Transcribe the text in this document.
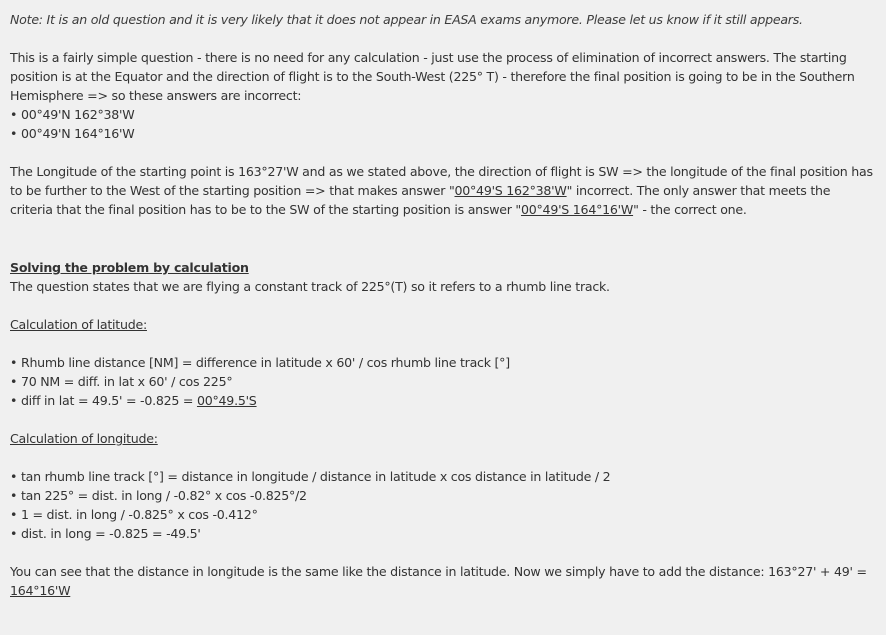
Note: It is an old question and it is very likely that it does not appear in EASA exams anymore. Please let us know if it still appears.

This is a fairly simple question - there is no need for any calculation - just use the process of elimination of incorrect answers. The starting position is at the Equator and the direction of flight is to the South-West (225° T) - therefore the final position is going to be in the Southern Hemisphere => so these answers are incorrect:

• 00°49'N 162°38'W

• 00°49'N 164°16'W

The Longitude of the starting point is 163°27'W and as we stated above, the direction of flight is SW => the longitude of the final position has to be further to the West of the starting position => that makes answer "00°49'S 162°38'W" incorrect. The only answer that meets the criteria that the final position has to be to the SW of the starting position is answer "00°49'S 164°16'W" - the correct one.

Solving the problem by calculation

The question states that we are flying a constant track of 225°(T) so it refers to a rhumb line track.

Calculation of latitude:

• Rhumb line distance [NM] = difference in latitude x 60' / cos rhumb line track [°]

• 70 NM = diff. in lat x 60' / cos 225°

• diff in lat = 49.5' = -0.825 = 00°49.5'S

Calculation of longitude:

• tan rhumb line track [°] = distance in longitude / distance in latitude x cos distance in latitude / 2

• tan 225° = dist. in long / -0.82° x cos -0.825°/2

• 1 = dist. in long / -0.825° x cos -0.412°

• dist. in long = -0.825 = -49.5'

You can see that the distance in longitude is the same like the distance in latitude. Now we simply have to add the distance: 163°27' + 49' = 164°16'W
